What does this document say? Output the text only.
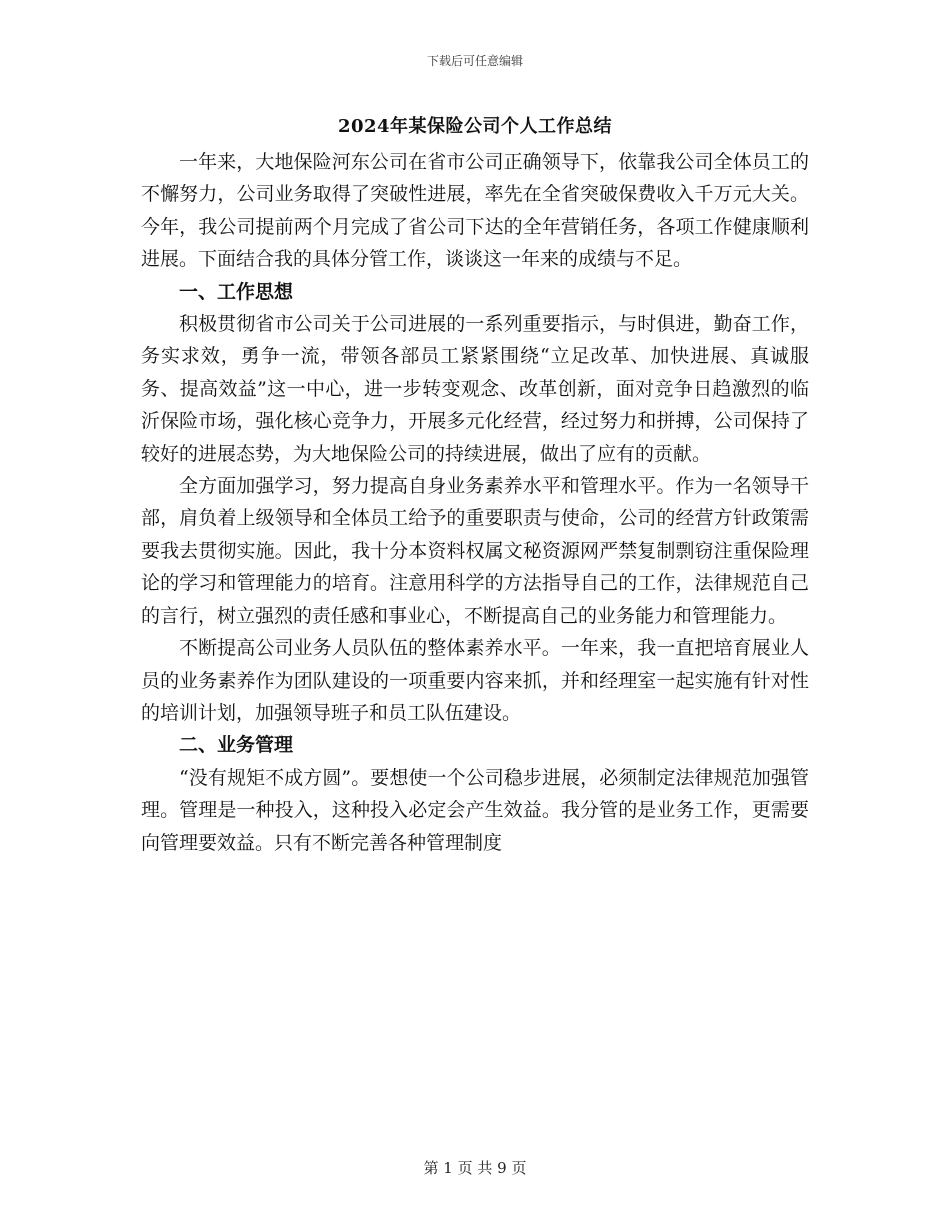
下载后可任意编辑
2024年某保险公司个人工作总结

一年来，大地保险河东公司在省市公司正确领导下，依靠我公司全体员工的不懈努力，公司业务取得了突破性进展，率先在全省突破保费收入千万元大关。今年，我公司提前两个月完成了省公司下达的全年营销任务，各项工作健康顺利进展。下面结合我的具体分管工作，谈谈这一年来的成绩与不足。

一、工作思想

积极贯彻省市公司关于公司进展的一系列重要指示，与时俱进，勤奋工作，务实求效，勇争一流，带领各部员工紧紧围绕“立足改革、加快进展、真诚服务、提高效益”这一中心，进一步转变观念、改革创新，面对竞争日趋激烈的临沂保险市场，强化核心竞争力，开展多元化经营，经过努力和拼搏，公司保持了较好的进展态势，为大地保险公司的持续进展，做出了应有的贡献。

全方面加强学习，努力提高自身业务素养水平和管理水平。作为一名领导干部，肩负着上级领导和全体员工给予的重要职责与使命，公司的经营方针政策需要我去贯彻实施。因此，我十分本资料权属文秘资源网严禁复制剽窃注重保险理论的学习和管理能力的培育。注意用科学的方法指导自己的工作，法律规范自己的言行，树立强烈的责任感和事业心，不断提高自己的业务能力和管理能力。

不断提高公司业务人员队伍的整体素养水平。一年来，我一直把培育展业人员的业务素养作为团队建设的一项重要内容来抓，并和经理室一起实施有针对性的培训计划，加强领导班子和员工队伍建设。

二、业务管理

“没有规矩不成方圆”。要想使一个公司稳步进展，必须制定法律规范加强管理。管理是一种投入，这种投入必定会产生效益。我分管的是业务工作，更需要向管理要效益。只有不断完善各种管理制度

第 1 页 共 9 页
